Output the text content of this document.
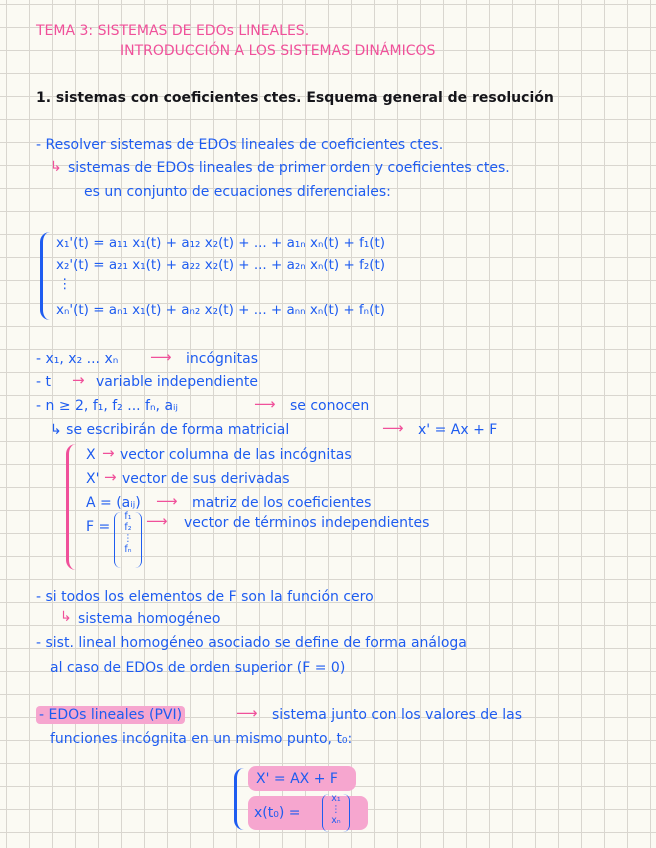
TEMA 3: SISTEMAS DE EDOs LINEALES.
INTRODUCCIÓN A LOS SISTEMAS DINÁMICOS
1. sistemas con coeficientes ctes. Esquema general de resolución
- Resolver sistemas de EDOs lineales de coeficientes ctes.
↳ sistemas de EDOs lineales de primer orden y coeficientes ctes.
es un conjunto de ecuaciones diferenciales:
x₁'(t) = a₁₁ x₁(t) + a₁₂ x₂(t) + ... + a₁ₙ xₙ(t) + f₁(t)
x₂'(t) = a₂₁ x₁(t) + a₂₂ x₂(t) + ... + a₂ₙ xₙ(t) + f₂(t)
⋮
xₙ'(t) = aₙ₁ x₁(t) + aₙ₂ x₂(t) + ... + aₙₙ xₙ(t) + fₙ(t)
- x₁, x₂ ... xₙ ⟶ incógnitas
- t → variable independiente
- n ≥ 2, f₁, f₂ ... fₙ, aᵢⱼ	⟶ se conocen
↳ se escribirán de forma matricial	⟶ x' = Ax + F
X → vector columna de las incógnitas
X' → vector de sus derivadas
A = (aᵢⱼ) ⟶ matriz de los coeficientes
F =
f₁
f₂
⋮
fₙ
⟶ vector de términos independientes
- si todos los elementos de F son la función cero
↳ sistema homogéneo
- sist. lineal homogéneo asociado se define de forma análoga
al caso de EDOs de orden superior (F = 0)
- EDOs lineales (PVI)	⟶ sistema junto con los valores de las
funciones incógnita en un mismo punto, t₀:
X' = AX + F
x(t₀) =
x₁
⋮
xₙ
